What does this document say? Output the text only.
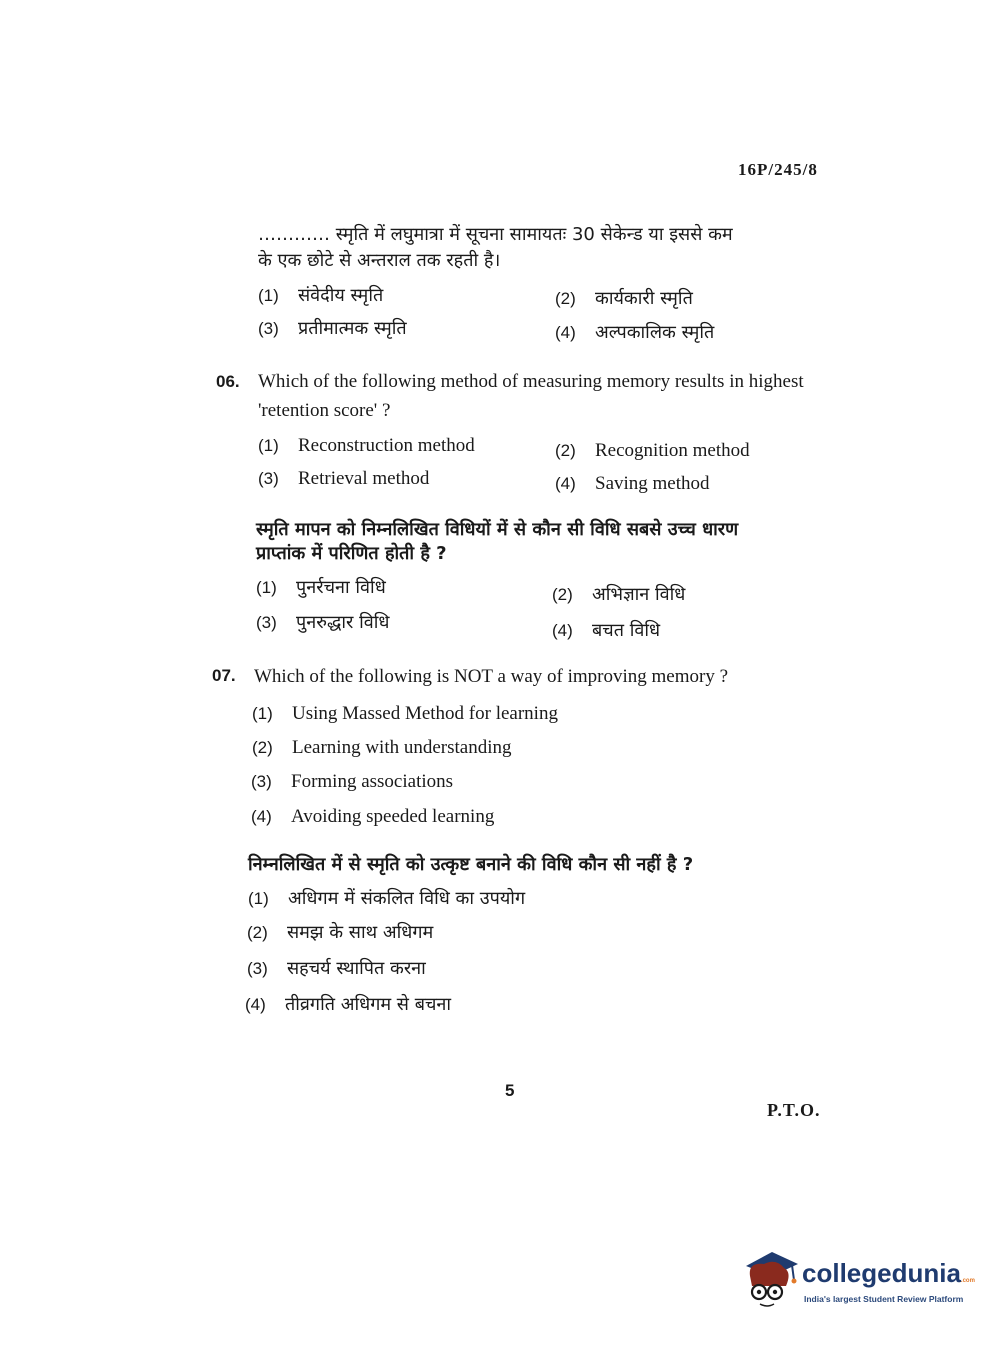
16P/245/8
………… स्मृति में लघुमात्रा में सूचना सामायतः 30 सेकेन्ड या इससे कम
के एक छोटे से अन्तराल तक रहती है।
(1) संवेदीय स्मृति	(2) कार्यकारी स्मृति
(3) प्रतीमात्मक स्मृति	(4) अल्पकालिक स्मृति
06. Which of the following method of measuring memory results in highest
'retention score' ?
(1) Reconstruction method	(2) Recognition method
(3) Retrieval method	(4) Saving method
स्मृति मापन को निम्नलिखित विधियों में से कौन सी विधि सबसे उच्च धारण
प्राप्तांक में परिणित होती है ?
(1) पुनर्रचना विधि	(2) अभिज्ञान विधि
(3) पुनरुद्धार विधि	(4) बचत विधि
07. Which of the following is NOT a way of improving memory ?
(1) Using Massed Method for learning
(2) Learning with understanding
(3) Forming associations
(4) Avoiding speeded learning
निम्नलिखित में से स्मृति को उत्कृष्ट बनाने की विधि कौन सी नहीं है ?
(1) अधिगम में संकलित विधि का उपयोग
(2) समझ के साथ अधिगम
(3) सहचर्य स्थापित करना
(4) तीव्रगति अधिगम से बचना
5
P.T.O.
collegedunia.com
India's largest Student Review Platform
